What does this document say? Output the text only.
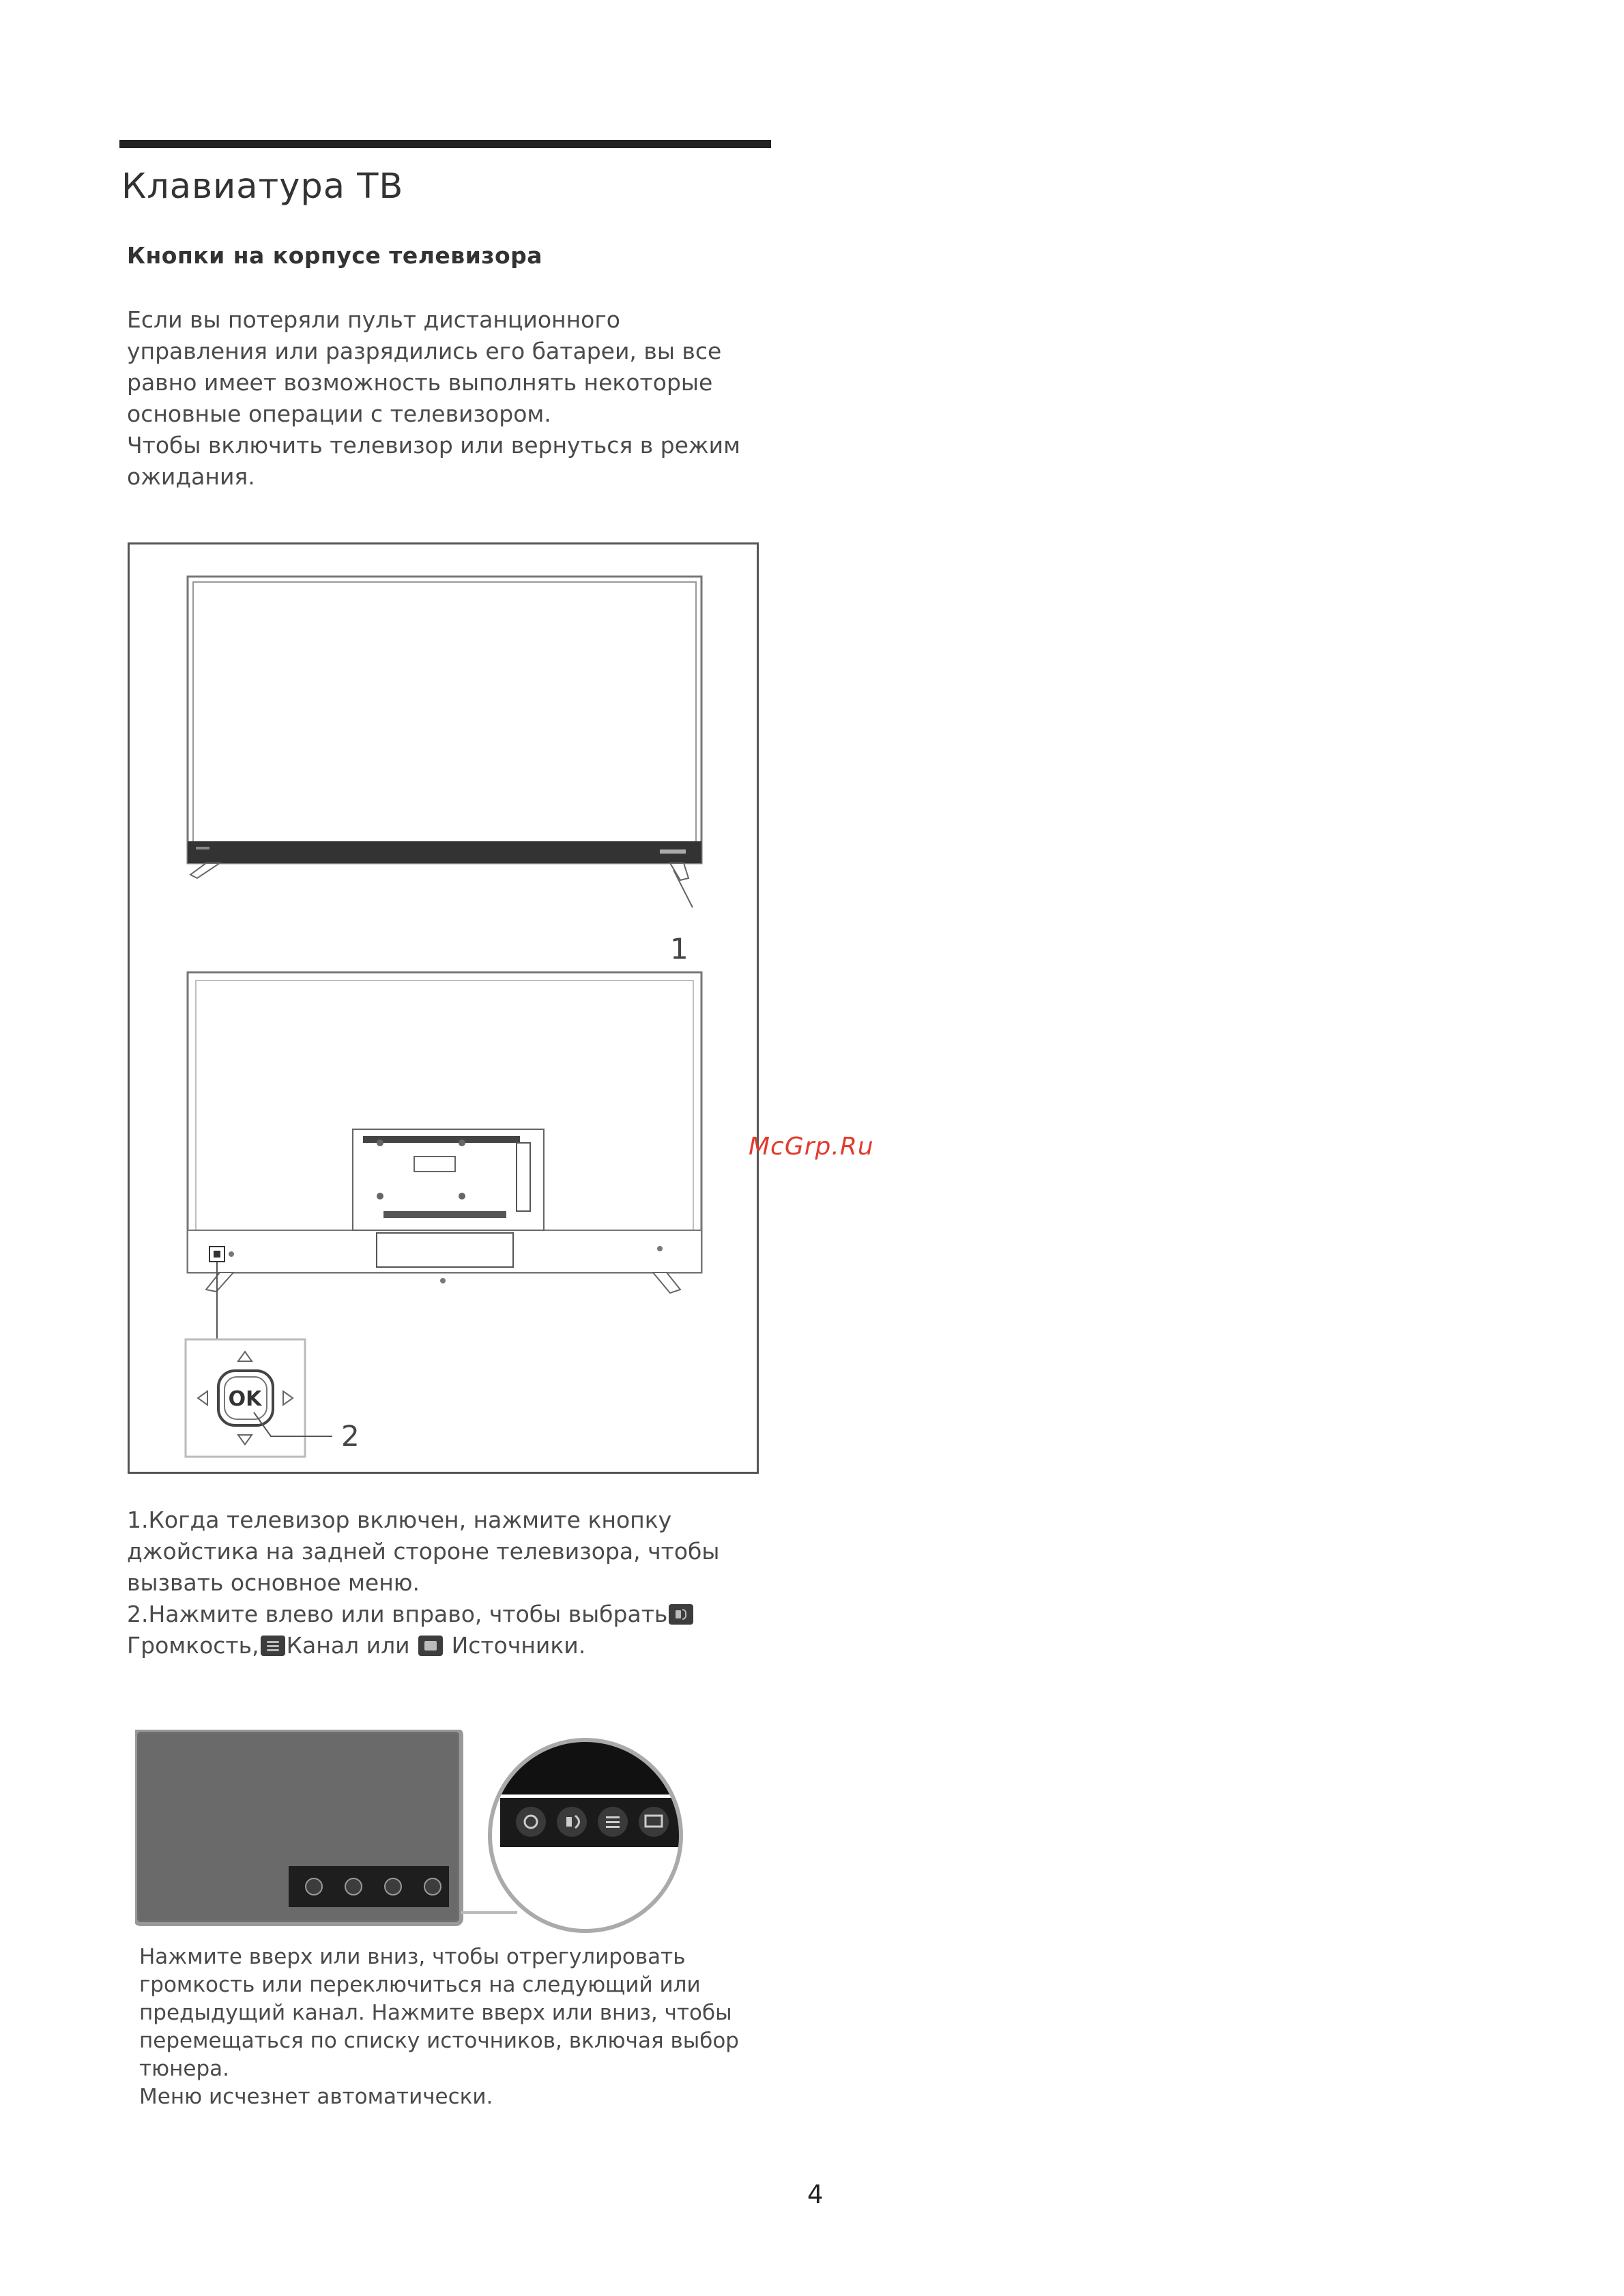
Клавиатура ТВ
Кнопки на корпусе телевизора

Если вы потеряли пульт дистанционного

управления или разрядились его батареи, вы все

равно имеет возможность выполнять некоторые

основные операции с телевизором.

Чтобы включить телевизор или вернуться в режим

ожидания.

1
OK
2
McGrp.Ru

1.Когда телевизор включен, нажмите кнопку

джойстика на задней стороне телевизора, чтобы

вызвать основное меню.

2.Нажмите влево или вправо, чтобы выбрать

Громкость, Канал или
Источники.

Нажмите вверх или вниз, чтобы отрегулировать

громкость или переключиться на следующий или

предыдущий канал. Нажмите вверх или вниз, чтобы

перемещаться по списку источников, включая выбор

тюнера.

Меню исчезнет автоматически.

4
